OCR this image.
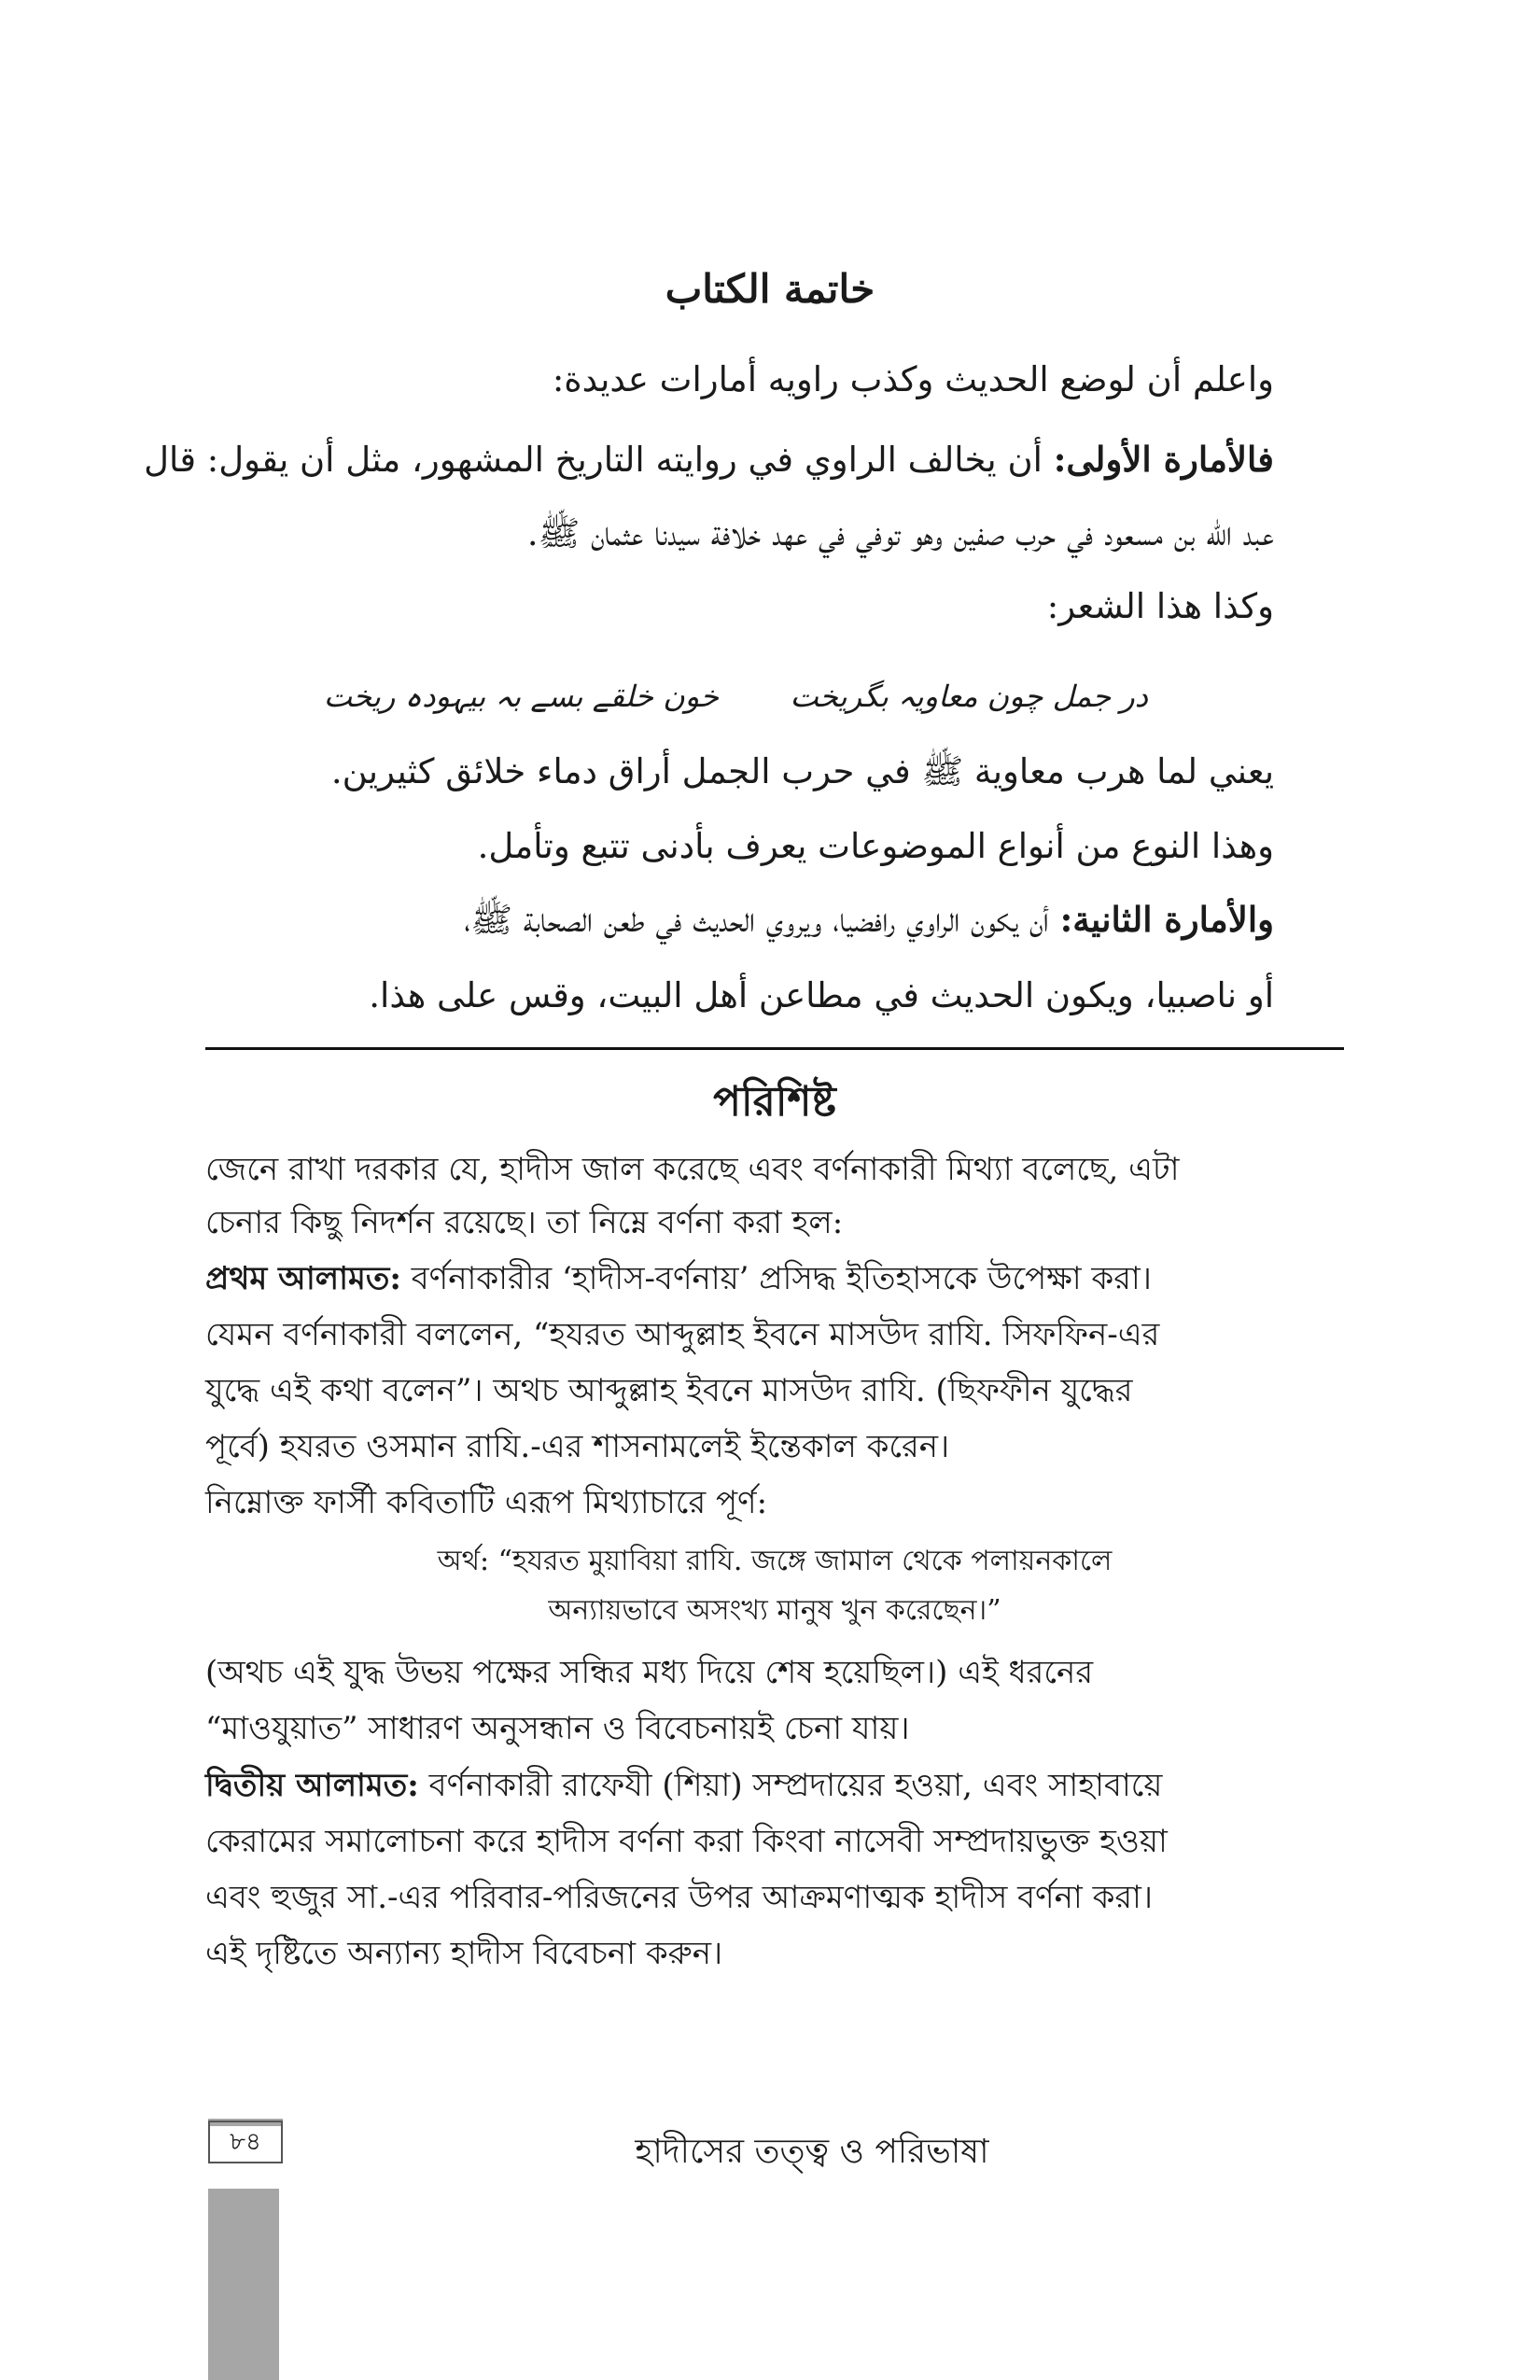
خاتمة الكتاب
واعلم أن لوضع الحديث وكذب راويه أمارات عديدة:
فالأمارة الأولى: أن يخالف الراوي في روايته التاريخ المشهور، مثل أن يقول: قال
عبد الله بن مسعود في حرب صفين وهو توفي في عهد خلافة سيدنا عثمان ﷺ.
وكذا هذا الشعر:
در جمل چون معاویہ بگریخت
خون خلقے بسے بہ بیہودہ ریخت
يعني لما هرب معاوية ﷺ في حرب الجمل أراق دماء خلائق كثيرين.
وهذا النوع من أنواع الموضوعات يعرف بأدنى تتبع وتأمل.
والأمارة الثانية: أن يكون الراوي رافضيا، ويروي الحديث في طعن الصحابة ﷺ،
أو ناصبيا، ويكون الحديث في مطاعن أهل البيت، وقس على هذا.
পরিশিষ্ট
জেনে রাখা দরকার যে, হাদীস জাল করেছে এবং বর্ণনাকারী মিথ্যা বলেছে, এটা
চেনার কিছু নিদর্শন রয়েছে। তা নিম্নে বর্ণনা করা হল:
প্রথম আলামত: বর্ণনাকারীর ‘হাদীস-বর্ণনায়’ প্রসিদ্ধ ইতিহাসকে উপেক্ষা করা।
যেমন বর্ণনাকারী বললেন, “হযরত আব্দুল্লাহ ইবনে মাসউদ রাযি. সিফফিন-এর
যুদ্ধে এই কথা বলেন”। অথচ আব্দুল্লাহ ইবনে মাসউদ রাযি. (ছিফফীন যুদ্ধের
পূর্বে) হযরত ওসমান রাযি.-এর শাসনামলেই ইন্তেকাল করেন।
নিম্নোক্ত ফার্সী কবিতাটি এরূপ মিথ্যাচারে পূর্ণ:
অর্থ: “হযরত মুয়াবিয়া রাযি. জঙ্গে জামাল থেকে পলায়নকালে
অন্যায়ভাবে অসংখ্য মানুষ খুন করেছেন।”
(অথচ এই যুদ্ধ উভয় পক্ষের সন্ধির মধ্য দিয়ে শেষ হয়েছিল।) এই ধরনের
“মাওযুয়াত” সাধারণ অনুসন্ধান ও বিবেচনায়ই চেনা যায়।
দ্বিতীয় আলামত: বর্ণনাকারী রাফেযী (শিয়া) সম্প্রদায়ের হওয়া, এবং সাহাবায়ে
কেরামের সমালোচনা করে হাদীস বর্ণনা করা কিংবা নাসেবী সম্প্রদায়ভুক্ত হওয়া
এবং হুজুর সা.-এর পরিবার-পরিজনের উপর আক্রমণাত্মক হাদীস বর্ণনা করা।
এই দৃষ্টিতে অন্যান্য হাদীস বিবেচনা করুন।
৮৪	হাদীসের তত্ত্ব ও পরিভাষা
